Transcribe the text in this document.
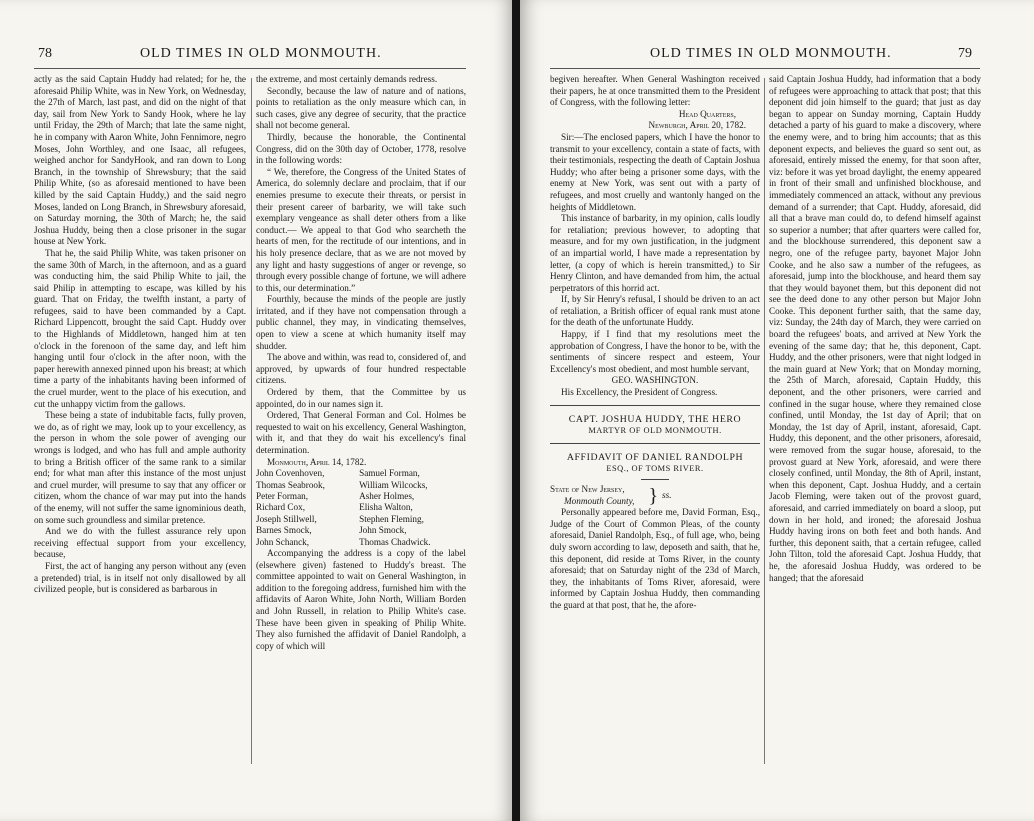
78	OLD TIMES IN OLD MONMOUTH.

actly as the said Captain Huddy had related; for he, the aforesaid Philip White, was in New York, on Wednesday, the 27th of March, last past, and did on the night of that day, sail from New York to Sandy Hook, where he lay until Friday, the 29th of March; that late the same night, he in company with Aaron White, John Fennimore, negro Moses, John Worthley, and one Isaac, all refugees, weighed anchor for SandyHook, and ran down to Long Branch, in the township of Shrewsbury; that the said Philip White, (so as aforesaid mentioned to have been killed by the said Captain Huddy,) and the said negro Moses, landed on Long Branch, in Shrewsbury aforesaid, on Saturday morning, the 30th of March; he, the said Joshua Huddy, being then a close prisoner in the sugar house at New York.

That he, the said Philip White, was taken prisoner on the same 30th of March, in the afternoon, and as a guard was conducting him, the said Philip White to jail, the said Philip in attempting to escape, was killed by his guard. That on Friday, the twelfth instant, a party of refugees, said to have been commanded by a Capt. Richard Lippencott, brought the said Capt. Huddy over to the Highlands of Middletown, hanged him at ten o'clock in the forenoon of the same day, and left him hanging until four o'clock in the after noon, with the paper herewith annexed pinned upon his breast; at which time a party of the inhabitants having been informed of the cruel murder, went to the place of his execution, and cut the unhappy victim from the gallows.

These being a state of indubitable facts, fully proven, we do, as of right we may, look up to your excellency, as the person in whom the sole power of avenging our wrongs is lodged, and who has full and ample authority to bring a British officer of the same rank to a similar end; for what man after this instance of the most unjust and cruel murder, will presume to say that any officer or citizen, whom the chance of war may put into the hands of the enemy, will not suffer the same ignominious death, on some such groundless and similar pretence.

And we do with the fullest assurance rely upon receiving effectual support from your excellency, because,

First, the act of hanging any person without any (even a pretended) trial, is in itself not only disallowed by all civilized people, but is considered as barbarous in

the extreme, and most certainly demands redress.

Secondly, because the law of nature and of nations, points to retaliation as the only measure which can, in such cases, give any degree of security, that the practice shall not become general.

Thirdly, because the honorable, the Continental Congress, did on the 30th day of October, 1778, resolve in the following words:

“ We, therefore, the Congress of the United States of America, do solemnly declare and proclaim, that if our enemies presume to execute their threats, or persist in their present career of barbarity, we will take such exemplary vengeance as shall deter others from a like conduct.— We appeal to that God who searcheth the hearts of men, for the rectitude of our intentions, and in his holy presence declare, that as we are not moved by any light and hasty suggestions of anger or revenge, so through every possible change of fortune, we will adhere to this, our determination.”

Fourthly, because the minds of the people are justly irritated, and if they have not compensation through a public channel, they may, in vindicating themselves, open to view a scene at which humanity itself may shudder.

The above and within, was read to, considered of, and approved, by upwards of four hundred respectable citizens.

Ordered by them, that the Committee by us appointed, do in our names sign it.

Ordered, That General Forman and Col. Holmes be requested to wait on his excellency, General Washington, with it, and that they do wait his excellency's final determination.

Monmouth, April 14, 1782.

John Covenhoven,	Samuel Forman,
Thomas Seabrook,	William Wilcocks,
Peter Forman,	Asher Holmes,
Richard Cox,	Elisha Walton,
Joseph Stillwell,	Stephen Fleming,
Barnes Smock,	John Smock,
John Schanck,	Thomas Chadwick.

Accompanying the address is a copy of the label (elsewhere given) fastened to Huddy's breast. The committee appointed to wait on General Washington, in addition to the foregoing address, furnished him with the affidavits of Aaron White, John North, William Borden and John Russell, in relation to Philip White's case. These have been given in speaking of Philip White. They also furnished the affidavit of Daniel Randolph, a copy of which will

OLD TIMES IN OLD MONMOUTH.	79

begiven hereafter. When General Washington received their papers, he at once transmitted them to the President of Congress, with the following letter:

Head Quarters,
Newburgh, April 20, 1782.

Sir:—The enclosed papers, which I have the honor to transmit to your excellency, contain a state of facts, with their testimonials, respecting the death of Captain Joshua Huddy; who after being a prisoner some days, with the enemy at New York, was sent out with a party of refugees, and most cruelly and wantonly hanged on the heights of Middletown.

This instance of barbarity, in my opinion, calls loudly for retaliation; previous however, to adopting that measure, and for my own justification, in the judgment of an impartial world, I have made a representation by letter, (a copy of which is herein transmitted,) to Sir Henry Clinton, and have demanded from him, the actual perpetrators of this horrid act.

If, by Sir Henry's refusal, I should be driven to an act of retaliation, a British officer of equal rank must atone for the death of the unfortunate Huddy.

Happy, if I find that my resolutions meet the approbation of Congress, I have the honor to be, with the sentiments of sincere respect and esteem, Your Excellency's most obedient, and most humble servant,

GEO. WASHINGTON.

His Excellency, the President of Congress.

CAPT. JOSHUA HUDDY, THE HERO
MARTYR OF OLD MONMOUTH.
AFFIDAVIT OF DANIEL RANDOLPH
ESQ., OF TOMS RIVER.
State of New Jersey,
Monmouth County, } ss.

Personally appeared before me, David Forman, Esq., Judge of the Court of Common Pleas, of the county aforesaid, Daniel Randolph, Esq., of full age, who, being duly sworn according to law, deposeth and saith, that he, this deponent, did reside at Toms River, in the county aforesaid; that on Saturday night of the 23d of March, they, the inhabitants of Toms River, aforesaid, were informed by Captain Joshua Huddy, then commanding the guard at that post, that he, the afore-

said Captain Joshua Huddy, had information that a body of refugees were approaching to attack that post; that this deponent did join himself to the guard; that just as day began to appear on Sunday morning, Captain Huddy detached a party of his guard to make a discovery, where the enemy were, and to bring him accounts; that as this deponent expects, and believes the guard so sent out, as aforesaid, entirely missed the enemy, for that soon after, viz: before it was yet broad daylight, the enemy appeared in front of their small and unfinished blockhouse, and immediately commenced an attack, without any previous demand of a surrender; that Capt. Huddy, aforesaid, did all that a brave man could do, to defend himself against so superior a number; that after quarters were called for, and the blockhouse surrendered, this deponent saw a negro, one of the refugee party, bayonet Major John Cooke, and he also saw a number of the refugees, as aforesaid, jump into the blockhouse, and heard them say that they would bayonet them, but this deponent did not see the deed done to any other person but Major John Cooke. This deponent further saith, that the same day, viz: Sunday, the 24th day of March, they were carried on board the refugees' boats, and arrived at New York the evening of the same day; that he, this deponent, Capt. Huddy, and the other prisoners, were that night lodged in the main guard at New York; that on Monday morning, the 25th of March, aforesaid, Captain Huddy, this deponent, and the other prisoners, were carried and confined in the sugar house, where they remained close confined, until Monday, the 1st day of April; that on Monday, the 1st day of April, instant, aforesaid, Capt. Huddy, this deponent, and the other prisoners, aforesaid, were removed from the sugar house, aforesaid, to the provost guard at New York, aforesaid, and were there closely confined, until Monday, the 8th of April, instant, when this deponent, Capt. Joshua Huddy, and a certain Jacob Fleming, were taken out of the provost guard, aforesaid, and carried immediately on board a sloop, put down in her hold, and ironed; the aforesaid Joshua Huddy having irons on both feet and both hands. And further, this deponent saith, that a certain refugee, called John Tilton, told the aforesaid Capt. Joshua Huddy, that he, the aforesaid Joshua Huddy, was ordered to be hanged; that the aforesaid
